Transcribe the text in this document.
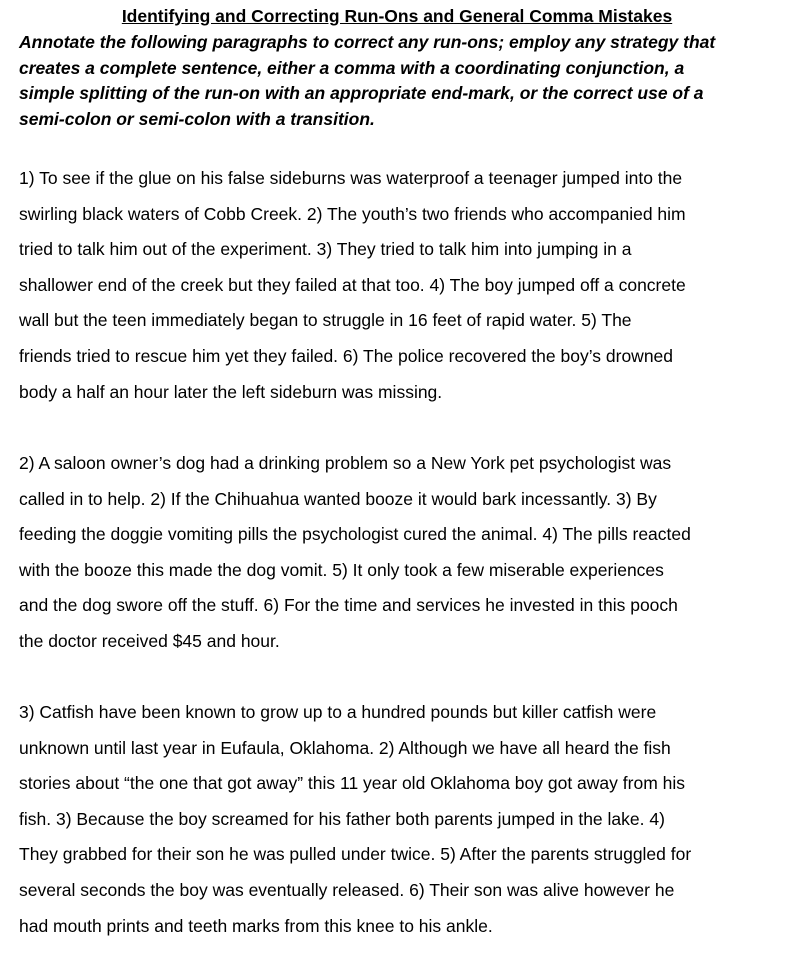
Identifying and Correcting Run-Ons and General Comma Mistakes
Annotate the following paragraphs to correct any run-ons; employ any strategy that
creates a complete sentence, either a comma with a coordinating conjunction, a
simple splitting of the run-on with an appropriate end-mark, or the correct use of a
semi-colon or semi-colon with a transition.
1) To see if the glue on his false sideburns was waterproof a teenager jumped into the
swirling black waters of Cobb Creek. 2) The youth’s two friends who accompanied him
tried to talk him out of the experiment. 3) They tried to talk him into jumping in a
shallower end of the creek but they failed at that too. 4) The boy jumped off a concrete
wall but the teen immediately began to struggle in 16 feet of rapid water. 5) The
friends tried to rescue him yet they failed. 6) The police recovered the boy’s drowned
body a half an hour later the left sideburn was missing.
2) A saloon owner’s dog had a drinking problem so a New York pet psychologist was
called in to help. 2) If the Chihuahua wanted booze it would bark incessantly. 3) By
feeding the doggie vomiting pills the psychologist cured the animal. 4) The pills reacted
with the booze this made the dog vomit. 5) It only took a few miserable experiences
and the dog swore off the stuff. 6) For the time and services he invested in this pooch
the doctor received $45 and hour.
3) Catfish have been known to grow up to a hundred pounds but killer catfish were
unknown until last year in Eufaula, Oklahoma. 2) Although we have all heard the fish
stories about “the one that got away” this 11 year old Oklahoma boy got away from his
fish. 3) Because the boy screamed for his father both parents jumped in the lake. 4)
They grabbed for their son he was pulled under twice. 5) After the parents struggled for
several seconds the boy was eventually released. 6) Their son was alive however he
had mouth prints and teeth marks from this knee to his ankle.
